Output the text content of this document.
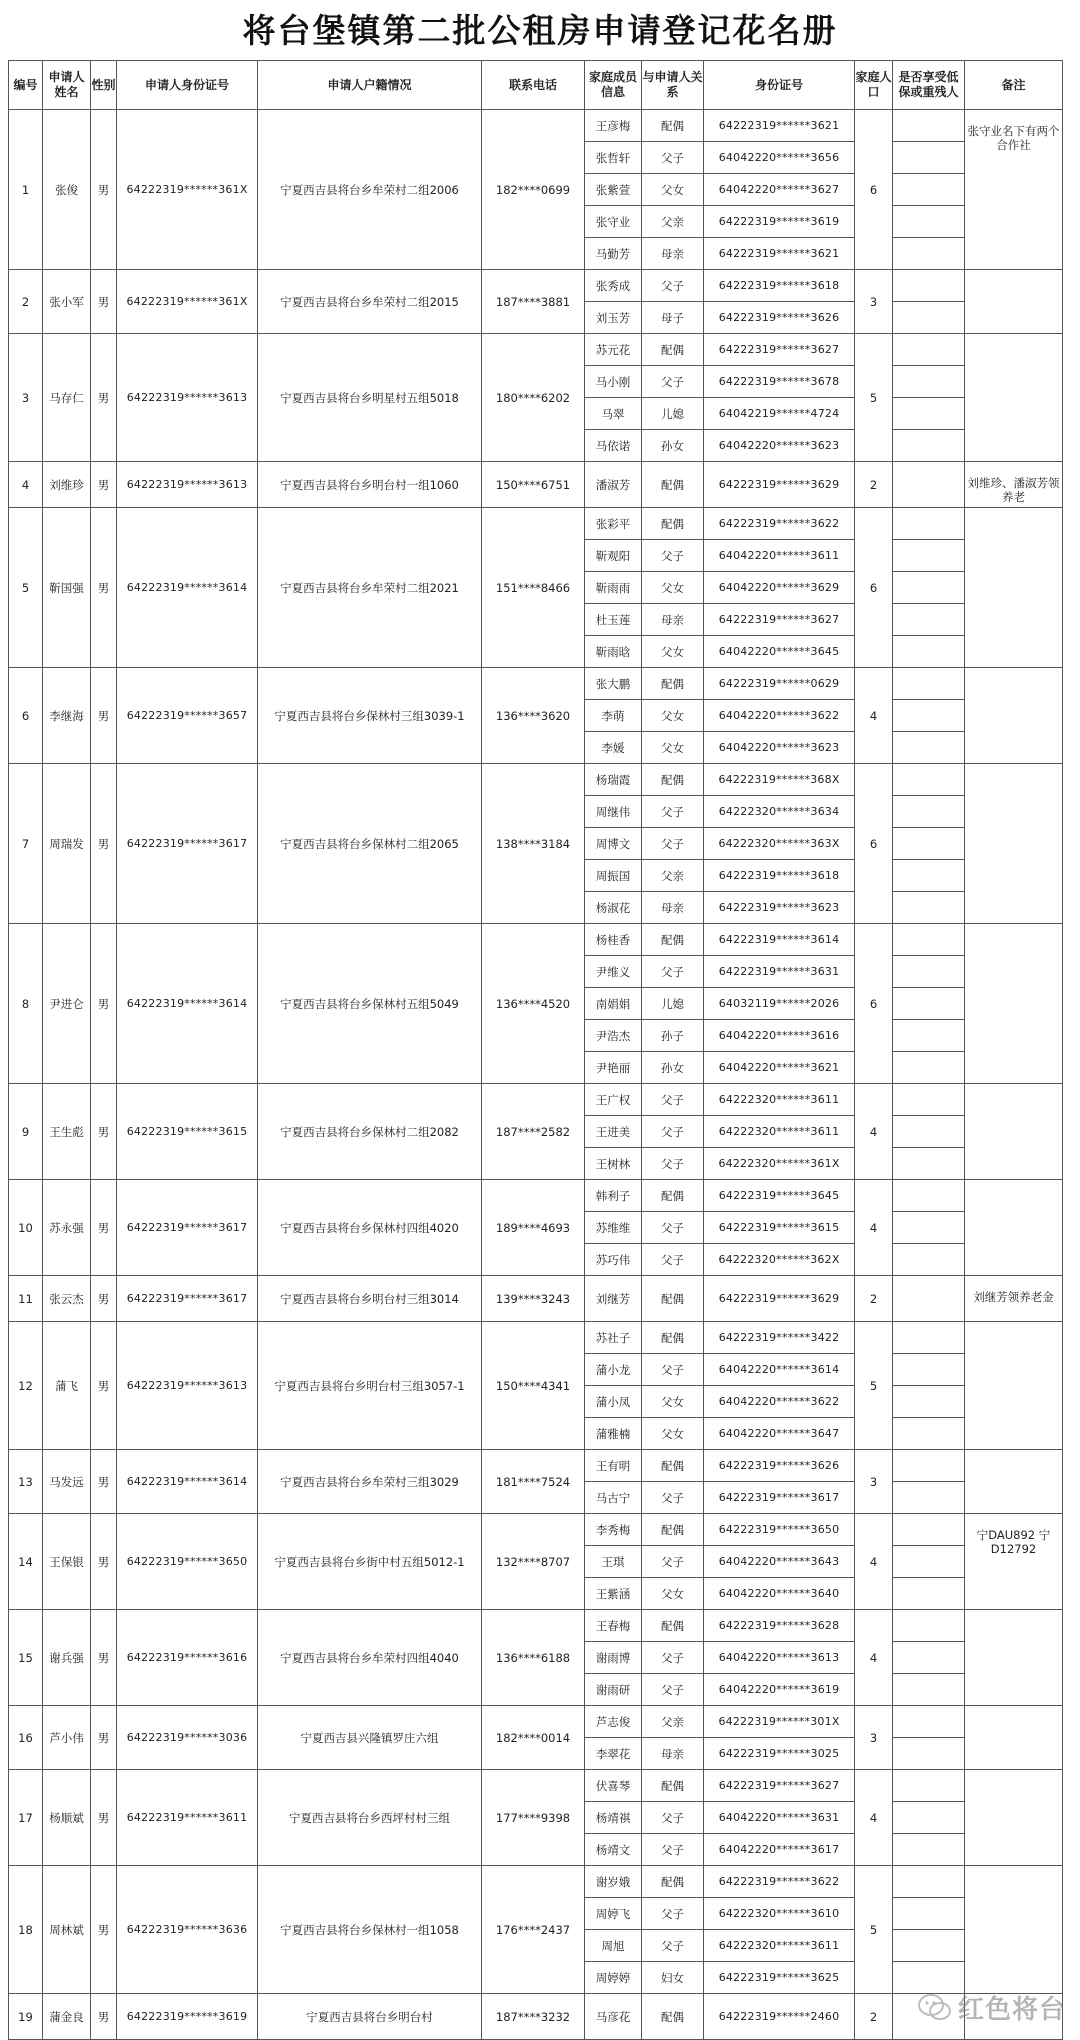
将台堡镇第二批公租房申请登记花名册
编号	申请人姓名	性别	申请人身份证号	申请人户籍情况	联系电话	家庭成员信息	与申请人关系	身份证号	家庭人口	是否享受低保或重残人	备注
1	张俊	男	64222319******361X	宁夏西吉县将台乡牟荣村二组2006	182****0699	王彦梅	配偶	64222319******3621	6		张守业名下有两个合作社
						张哲轩	父子	64042220******3656			
						张紫萱	父女	64042220******3627			
						张守业	父亲	64222319******3619			
						马勤芳	母亲	64222319******3621			
2	张小军	男	64222319******361X	宁夏西吉县将台乡牟荣村二组2015	187****3881	张秀成	父子	64222319******3618	3		
						刘玉芳	母子	64222319******3626			
3	马存仁	男	64222319******3613	宁夏西吉县将台乡明星村五组5018	180****6202	苏元花	配偶	64222319******3627	5		
						马小刚	父子	64222319******3678			
						马翠	儿媳	64042219******4724			
						马依诺	孙女	64042220******3623			
4	刘维珍	男	64222319******3613	宁夏西吉县将台乡明台村一组1060	150****6751	潘淑芳	配偶	64222319******3629	2		刘维珍、潘淑芳领养老
5	靳国强	男	64222319******3614	宁夏西吉县将台乡牟荣村二组2021	151****8466	张彩平	配偶	64222319******3622	6		
						靳观阳	父子	64042220******3611			
						靳雨雨	父女	64042220******3629			
						杜玉莲	母亲	64222319******3627			
						靳雨晗	父女	64042220******3645			
6	李继海	男	64222319******3657	宁夏西吉县将台乡保林村三组3039-1	136****3620	张大鹏	配偶	64222319******0629	4		
						李萌	父女	64042220******3622			
						李媛	父女	64042220******3623			
7	周瑞发	男	64222319******3617	宁夏西吉县将台乡保林村二组2065	138****3184	杨瑞霞	配偶	64222319******368X	6		
						周继伟	父子	64222320******3634			
						周博文	父子	64222320******363X			
						周振国	父亲	64222319******3618			
						杨淑花	母亲	64222319******3623			
8	尹进仑	男	64222319******3614	宁夏西吉县将台乡保林村五组5049	136****4520	杨桂香	配偶	64222319******3614	6		
						尹维义	父子	64222319******3631			
						南娟娟	儿媳	64032119******2026			
						尹浩杰	孙子	64042220******3616			
						尹艳丽	孙女	64042220******3621			
9	王生彪	男	64222319******3615	宁夏西吉县将台乡保林村二组2082	187****2582	王广权	父子	64222320******3611	4		
						王进美	父子	64222320******3611			
						王树林	父子	64222320******361X			
10	苏永强	男	64222319******3617	宁夏西吉县将台乡保林村四组4020	189****4693	韩利子	配偶	64222319******3645	4		
						苏维维	父子	64222319******3615			
						苏巧伟	父子	64222320******362X			
11	张云杰	男	64222319******3617	宁夏西吉县将台乡明台村三组3014	139****3243	刘继芳	配偶	64222319******3629	2		刘继芳领养老金
12	蒲飞	男	64222319******3613	宁夏西吉县将台乡明台村三组3057-1	150****4341	苏社子	配偶	64222319******3422	5		
						蒲小龙	父子	64042220******3614			
						蒲小凤	父女	64042220******3622			
						蒲雅楠	父女	64042220******3647			
13	马发远	男	64222319******3614	宁夏西吉县将台乡牟荣村三组3029	181****7524	王有明	配偶	64222319******3626	3		
						马古宁	父子	64222319******3617			
14	王保银	男	64222319******3650	宁夏西吉县将台乡街中村五组5012-1	132****8707	李秀梅	配偶	64222319******3650	4		宁DAU892 宁D12792
						王琪	父子	64042220******3643			
						王紫涵	父女	64042220******3640			
15	谢兵强	男	64222319******3616	宁夏西吉县将台乡牟荣村四组4040	136****6188	王春梅	配偶	64222319******3628	4		
						谢雨博	父子	64042220******3613			
						谢雨研	父子	64042220******3619			
16	芦小伟	男	64222319******3036	宁夏西吉县兴隆镇罗庄六组	182****0014	芦志俊	父亲	64222319******301X	3		
						李翠花	母亲	64222319******3025			
17	杨顺斌	男	64222319******3611	宁夏西吉县将台乡西坪村村三组	177****9398	伏喜琴	配偶	64222319******3627	4		
						杨靖祺	父子	64042220******3631			
						杨靖文	父子	64042220******3617			
18	周林斌	男	64222319******3636	宁夏西吉县将台乡保林村一组1058	176****2437	谢岁娥	配偶	64222319******3622	5		
						周婷飞	父子	64222320******3610			
						周旭	父子	64222320******3611			
						周婷婷	妇女	64222319******3625			
19	蒲金良	男	64222319******3619	宁夏西吉县将台乡明台村	187****3232	马彦花	配偶	64222319******2460	2			红色将台
